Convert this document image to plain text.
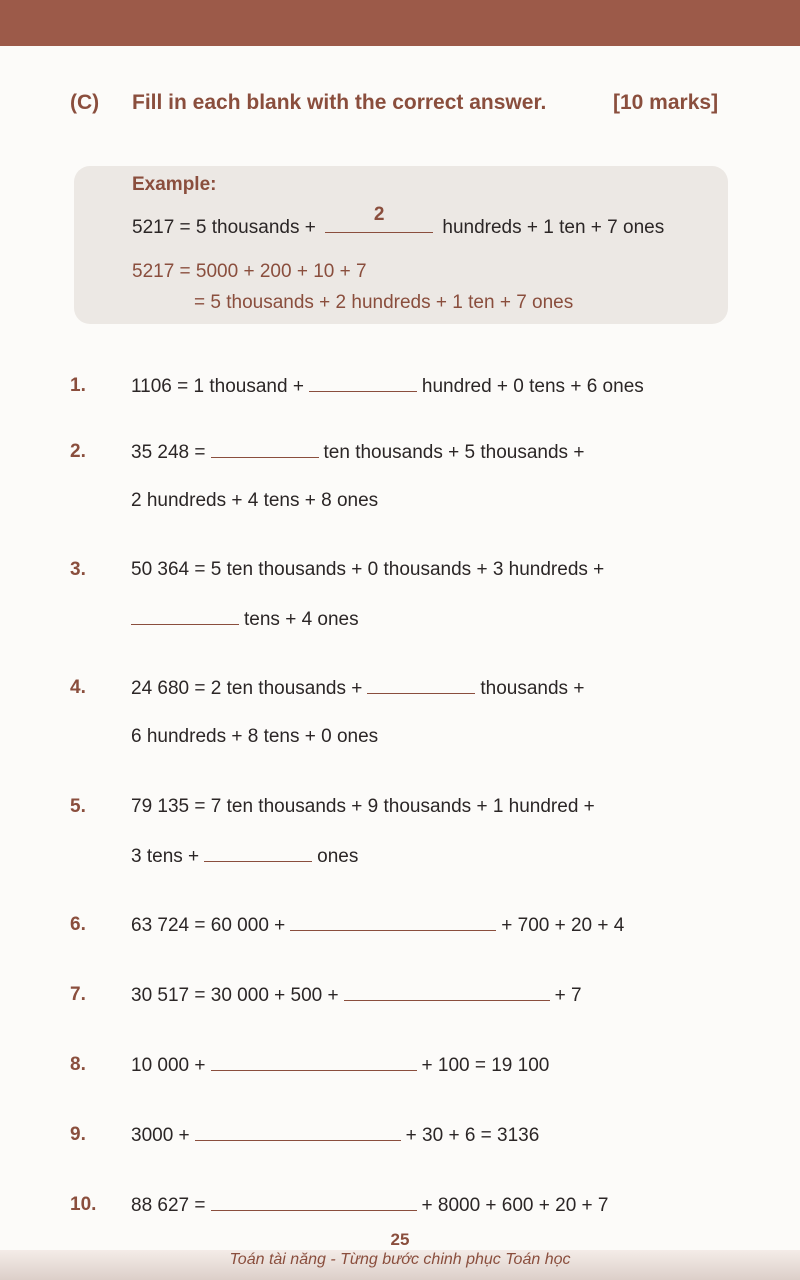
(C) Fill in each blank with the correct answer.	[10 marks]
Example:
5217 = 5 thousands +
2
hundreds + 1 ten + 7 ones
5217 = 5000 + 200 + 10 + 7
= 5 thousands + 2 hundreds + 1 ten + 7 ones
1. 1106 = 1 thousand +	hundred + 0 tens + 6 ones
2. 35 248 =	ten thousands + 5 thousands +
2 hundreds + 4 tens + 8 ones
3. 50 364 = 5 ten thousands + 0 thousands + 3 hundreds +
tens + 4 ones
4. 24 680 = 2 ten thousands +	thousands +
6 hundreds + 8 tens + 0 ones
5. 79 135 = 7 ten thousands + 9 thousands + 1 hundred +
3 tens +	ones
6. 63 724 = 60 000 +	+ 700 + 20 + 4
7. 30 517 = 30 000 + 500 +	+ 7
8. 10 000 +	+ 100 = 19 100
9. 3000 +	+ 30 + 6 = 3136
10. 88 627 =	+ 8000 + 600 + 20 + 7
25
Toán tài năng - Từng bước chinh phục Toán học
